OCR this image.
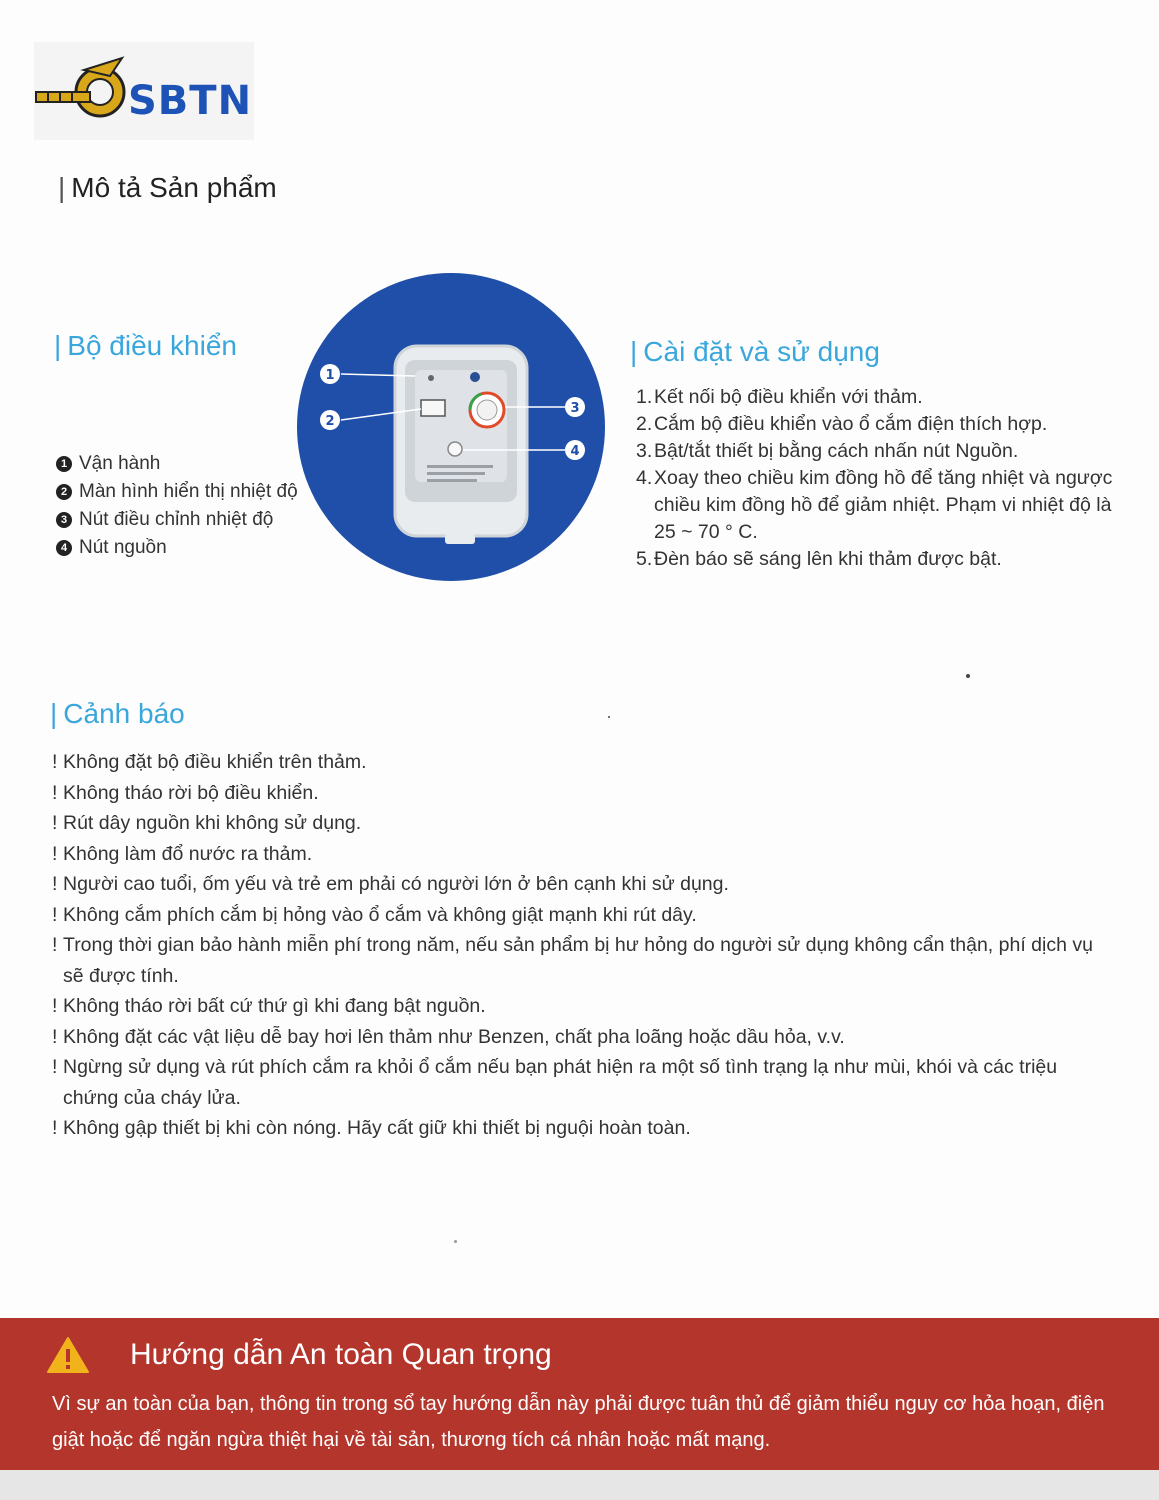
SBTN
| Mô tả Sản phẩm
| Bộ điều khiển
1 Vận hành
2 Màn hình hiển thị nhiệt độ
3 Nút điều chỉnh nhiệt độ
4 Nút nguồn
1
2
3
4
| Cài đặt và sử dụng
1. Kết nối bộ điều khiển với thảm.
2. Cắm bộ điều khiển vào ổ cắm điện thích hợp.
3. Bật/tắt thiết bị bằng cách nhấn nút Nguồn.
4. Xoay theo chiều kim đồng hồ để tăng nhiệt và ngược chiều kim đồng hồ để giảm nhiệt. Phạm vi nhiệt độ là 25 ~ 70 ° C.
5. Đèn báo sẽ sáng lên khi thảm được bật.
| Cảnh báo
! Không đặt bộ điều khiển trên thảm.
! Không tháo rời bộ điều khiển.
! Rút dây nguồn khi không sử dụng.
! Không làm đổ nước ra thảm.
! Người cao tuổi, ốm yếu và trẻ em phải có người lớn ở bên cạnh khi sử dụng.
! Không cắm phích cắm bị hỏng vào ổ cắm và không giật mạnh khi rút dây.
! Trong thời gian bảo hành miễn phí trong năm, nếu sản phẩm bị hư hỏng do người sử dụng không cẩn thận, phí dịch vụ sẽ được tính.
! Không tháo rời bất cứ thứ gì khi đang bật nguồn.
! Không đặt các vật liệu dễ bay hơi lên thảm như Benzen, chất pha loãng hoặc dầu hỏa, v.v.
! Ngừng sử dụng và rút phích cắm ra khỏi ổ cắm nếu bạn phát hiện ra một số tình trạng lạ như mùi, khói và các triệu chứng của cháy lửa.
! Không gập thiết bị khi còn nóng. Hãy cất giữ khi thiết bị nguội hoàn toàn.
Hướng dẫn An toàn Quan trọng
Vì sự an toàn của bạn, thông tin trong sổ tay hướng dẫn này phải được tuân thủ để giảm thiểu nguy cơ hỏa hoạn, điện giật hoặc để ngăn ngừa thiệt hại về tài sản, thương tích cá nhân hoặc mất mạng.
